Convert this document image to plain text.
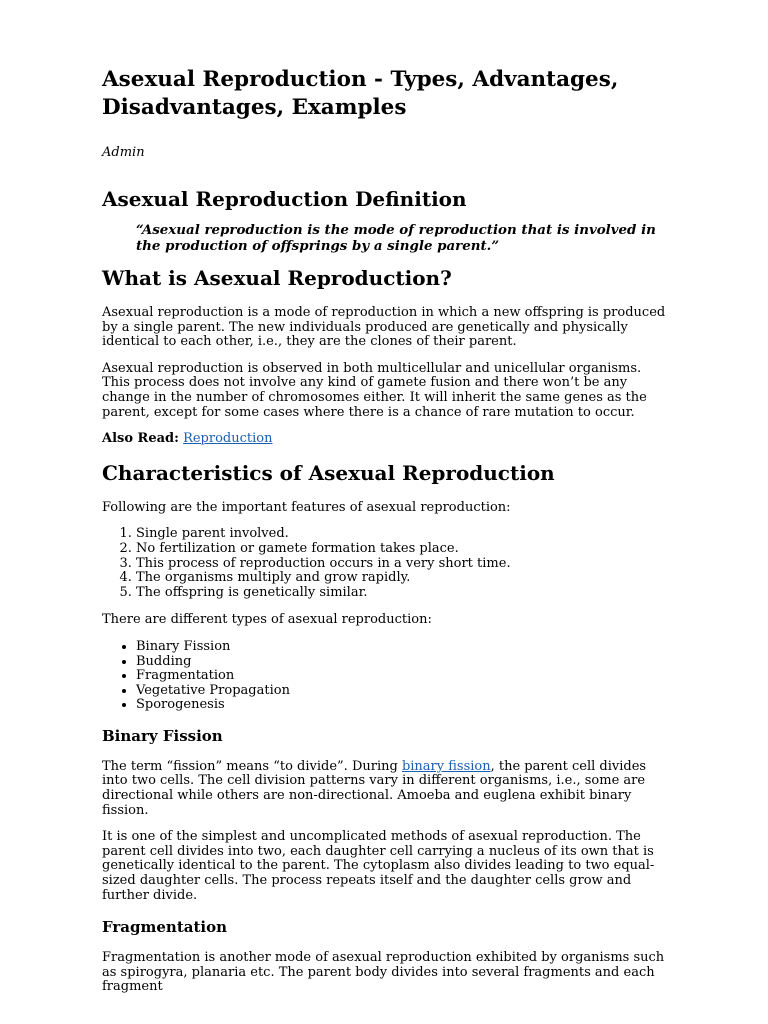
Asexual Reproduction - Types, Advantages, Disadvantages, Examples
Admin
Asexual Reproduction Definition
“Asexual reproduction is the mode of reproduction that is involved in the production of offsprings by a single parent.”
What is Asexual Reproduction?

Asexual reproduction is a mode of reproduction in which a new offspring is produced by a single parent. The new individuals produced are genetically and physically identical to each other, i.e., they are the clones of their parent.

Asexual reproduction is observed in both multicellular and unicellular organisms. This process does not involve any kind of gamete fusion and there won’t be any change in the number of chromosomes either. It will inherit the same genes as the parent, except for some cases where there is a chance of rare mutation to occur.

Also Read: Reproduction

Characteristics of Asexual Reproduction

Following are the important features of asexual reproduction:

1. Single parent involved.
2. No fertilization or gamete formation takes place.
3. This process of reproduction occurs in a very short time.
4. The organisms multiply and grow rapidly.
5. The offspring is genetically similar.

There are different types of asexual reproduction:

• Binary Fission
• Budding
• Fragmentation
• Vegetative Propagation
• Sporogenesis
Binary Fission

The term “fission” means “to divide”. During binary fission, the parent cell divides into two cells. The cell division patterns vary in different organisms, i.e., some are directional while others are non-directional. Amoeba and euglena exhibit binary fission.

It is one of the simplest and uncomplicated methods of asexual reproduction. The parent cell divides into two, each daughter cell carrying a nucleus of its own that is genetically identical to the parent. The cytoplasm also divides leading to two equal-sized daughter cells. The process repeats itself and the daughter cells grow and further divide.

Fragmentation

Fragmentation is another mode of asexual reproduction exhibited by organisms such as spirogyra, planaria etc. The parent body divides into several fragments and each fragment
